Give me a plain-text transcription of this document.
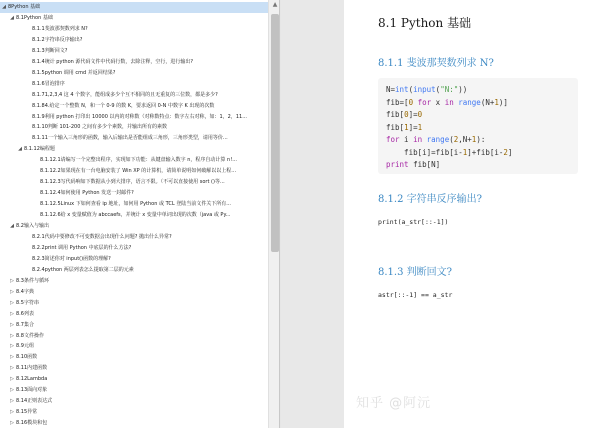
◢ 8Python 基础
◢ 8.1Python 基础
8.1.1斐波那契数列求 N?
8.1.2字符串反序输出?
8.1.3判断回文?
8.1.4统计 python 源代码文件中代码行数，去除注释，空行，进行输出?
8.1.5python 调用 cmd 并返回结果?
8.1.6冒泡排序
8.1.71,2,3,4 这 4 个数字，能组成多少个互不相同的且无重复的三位数，都是多少?
8.1.84.给定一个整数 N，和一个 0-9 的数 K，要求返回 0-N 中数字 K 出现的次数
8.1.9利用 python 打印出 10000 以内的对称数（对称数特点：数字左右对称，如：1，2，11...
8.1.10判断 101-200 之间有多少个素数，并输出所有的素数
8.1.11一个输入三角形的函数，输入后输出是否能组成三角形，三角形类型，请用等价...
◢ 8.1.12编程题
8.1.12.1请编写一个完整出程序，实现如下功能：从键盘输入数字 n，程序自动计算 n!...
8.1.12.2如果现在有一台电脑安装了 Win XP 的计算机，请简单说明如何破解以以上程...
8.1.12.3写代码响如下数据从小到大排序，语言不限。（不可以直接使用 sort ()等...
8.1.12.4如何使用 Python 发送一封邮件?
8.1.12.5Linux 下如何查看 ip 地址，如何用 Python 或 TCL 登陆当前文件关下所有...
8.1.12.6给 x 变量赋值为 abccaefs，并统计 x 变量中单词出现的次数（java 或 Py...
◢ 8.2输入与输出
8.2.1代码中要修改不可变数据会出现什么问题? 抛出什么异常?
8.2.2print 调用 Python 中底层的什么方法?
8.2.3简述你对 input()函数的理解?
8.2.4python 两层列表怎么提取第二层的元素
▷ 8.3条件与循环
▷ 8.4字典
▷ 8.5字符串
▷ 8.6列表
▷ 8.7集合
▷ 8.8文件操作
▷ 8.9元组
▷ 8.10函数
▷ 8.11内建函数
▷ 8.12Lambda
▷ 8.13面向对象
▷ 8.14正则表达式
▷ 8.15异常
▷ 8.16模块和包
▲
8.1 Python 基础
8.1.1 斐波那契数列求 N?
N=int(input("N:"))
fib=[0 for x in range(N+1)]
fib[0]=0
fib[1]=1
for i in range(2,N+1):
fib[i]=fib[i-1]+fib[i-2]
print fib[N]
8.1.2 字符串反序输出?
print(a_str[::-1])
8.1.3 判断回文?
astr[::-1] == a_str
知乎 @阿沅
